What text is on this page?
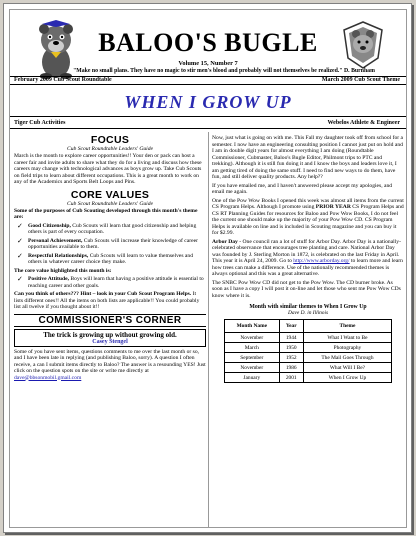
BALOO'S BUGLE
Volume 15, Number 7
"Make no small plans. They have no magic to stir men's blood and probably will not themselves be realized." D. Burnham
February 2009 Cub Scout Roundtable	March 2009 Cub Scout Theme
WHEN I GROW UP
Tiger Cub Activities	Webelos Athlete & Engineer
FOCUS
Cub Scout Roundtable Leaders' Guide

March is the month to explore career opportunities!! Your den or pack can host a career fair and invite adults to share what they do for a living and discuss how these careers may change with technological advances as boys grow up. Take Cub Scouts on field trips to learn about different occupations. This is a great month to work on any of the Academics and Sports Belt Loops and Pins.

CORE VALUES
Cub Scout Roundtable Leaders' Guide

Some of the purposes of Cub Scouting developed through this month's theme are:

✓ Good Citizenship, Cub Scouts will learn that good citizenship and helping others is part of every occupation.
✓ Personal Achievement, Cub Scouts will increase their knowledge of career opportunities available to them.
✓ Respectful Relationships, Cub Scouts will learn to value themselves and others in whatever career choice they make.

The core value highlighted this month is:

✓ Positive Attitude, Boys will learn that having a positive attitude is essential to reaching career and other goals.

Can you think of others??? Hint – look in your Cub Scout Program Helps. It lists different ones!! All the items on both lists are applicable!! You could probably list all twelve if you thought about it!!

COMMISSIONER'S CORNER
The trick is growing up without growing old.
Casey Stengel

Some of you have sent items, questions comments to me over the last month or so, and I have been late in replying (and publishing Baloo, sorry). A question I often receive, a can I submit items directly to Baloo? The answer is a resounding YES! Just click on the question spots on the site or write me directly at dave@bbsonmobil.gmail.com

Now, just what is going on with me. This Fall my daughter took off from school for a semester. I now have an engineering consulting position I cannot just put on hold and I am in double digit years for almost everything I am doing (Roundtable Commissioner, Cubmaster, Baloo's Bugle Editor, Philmont trips to PTC and trekking). Although it is still fun doing it and I know the boys and leaders love it, I am getting tired of doing the same stuff. I need to find new ways to do them, have fun, and still deliver quality products. Any help??

If you have emailed me, and I haven't answered please accept my apologies, and email me again.

One of the Pow Wow Books I opened this week was almost all items from the current CS Program Helps. Although I promote using PRIOR YEAR CS Program Helps and CS RT Planning Guides for resources for Baloo and Pow Wow Books, I do not feel the current one should make up the majority of your Pow Wow CD. CS Program Helps is available on line and is included in Scouting magazine and you can buy it for $2.99.

Arbor Day - One council ran a lot of stuff for Arbor Day. Arbor Day is a nationally-celebrated observance that encourages tree planting and care. National Arbor Day was founded by J. Sterling Morton in 1872, is celebrated on the last Friday in April. This year it is April 24, 2009. Go to http://www.arborday.org/ to learn more and learn how trees can make a difference. Use of the nationally recommended themes is always optional and this was a great alternative.

The SNBC Pow Wow CD did not get to the Pow Wow. The CD burner broke. As soon as I have a copy I will post it on-line and let those who sent me Pow Wow CDs know where it is.

Month with similar themes to When I Grow Up
Dave D. in Illinois
Month Name	Year	Theme
November	1944	What I Want to Be
March	1950	Photography
September	1952	The Mail Goes Through
November	1986	What Will I Be?
January	2001	When I Grow Up
